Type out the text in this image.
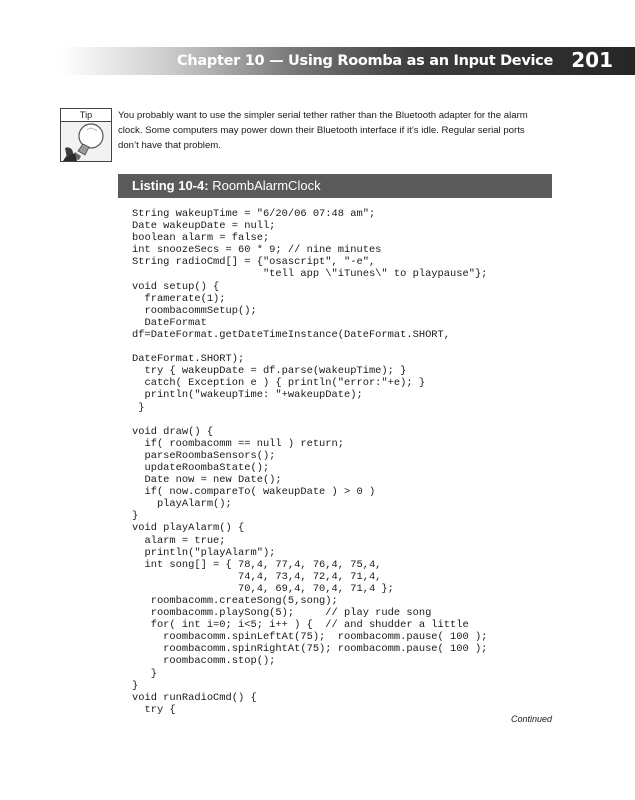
Chapter 10 — Using Roomba as an Input Device 201
Tip	You probably want to use the simpler serial tether rather than the Bluetooth adapter for the alarm clock. Some computers may power down their Bluetooth interface if it’s idle. Regular serial ports don’t have that problem.
Listing 10-4: RoombAlarmClock
String wakeupTime = "6/20/06 07:48 am";
Date wakeupDate = null;
boolean alarm = false;
int snoozeSecs = 60 * 9; // nine minutes
String radioCmd[] = {"osascript", "-e",
"tell app \"iTunes\" to playpause"};
void setup() {
framerate(1);
roombacommSetup();
DateFormat
df=DateFormat.getDateTimeInstance(DateFormat.SHORT,

DateFormat.SHORT);
try { wakeupDate = df.parse(wakeupTime); }
catch( Exception e ) { println("error:"+e); }
println("wakeupTime: "+wakeupDate);
}

void draw() {
if( roombacomm == null ) return;
parseRoombaSensors();
updateRoombaState();
Date now = new Date();
if( now.compareTo( wakeupDate ) > 0 )
playAlarm();
}
void playAlarm() {
alarm = true;
println("playAlarm");
int song[] = { 78,4, 77,4, 76,4, 75,4,
74,4, 73,4, 72,4, 71,4,
70,4, 69,4, 70,4, 71,4 };
roombacomm.createSong(5,song);
roombacomm.playSong(5);     // play rude song
for( int i=0; i<5; i++ ) {  // and shudder a little
roombacomm.spinLeftAt(75);  roombacomm.pause( 100 );
roombacomm.spinRightAt(75); roombacomm.pause( 100 );
roombacomm.stop();
}
}
void runRadioCmd() {
try {
Continued
